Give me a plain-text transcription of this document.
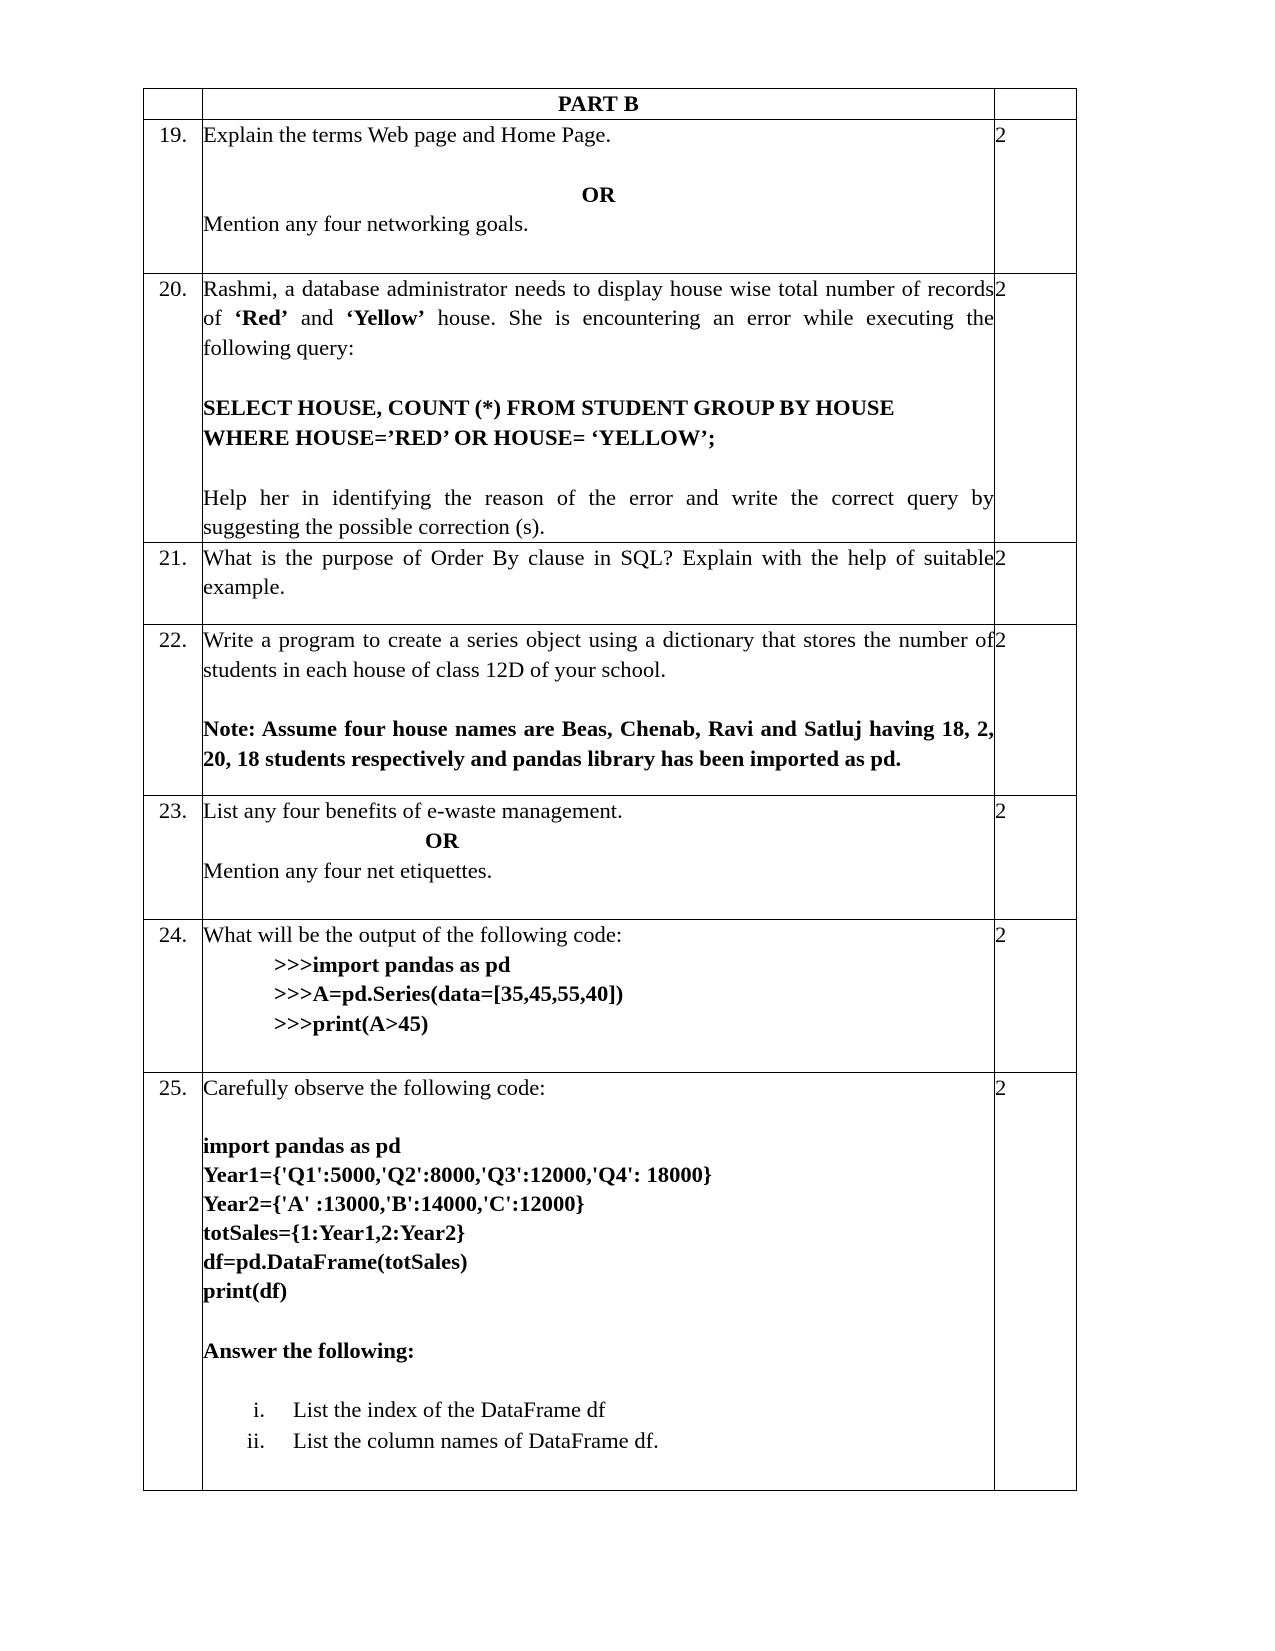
	PART B	
19.	Explain the terms Web page and Home Page.
OR
Mention any four networking goals.	2
20.	Rashmi, a database administrator needs to display house wise total number of records of ‘Red’ and ‘Yellow’ house. She is encountering an error while executing the following query:
SELECT HOUSE, COUNT (*) FROM STUDENT GROUP BY HOUSE
WHERE HOUSE=’RED’ OR HOUSE= ‘YELLOW’;
Help her in identifying the reason of the error and write the correct query by suggesting the possible correction (s).	2
21.	What is the purpose of Order By clause in SQL? Explain with the help of suitable example.	2
22.	Write a program to create a series object using a dictionary that stores the number of students in each house of class 12D of your school.
Note: Assume four house names are Beas, Chenab, Ravi and Satluj having 18, 2, 20, 18 students respectively and pandas library has been imported as pd.	2
23.	List any four benefits of e-waste management.
OR
Mention any four net etiquettes.	2
24.	What will be the output of the following code:
>>>import pandas as pd
>>>A=pd.Series(data=[35,45,55,40])
>>>print(A>45)	2
25.	Carefully observe the following code:
import pandas as pd
Year1={'Q1':5000,'Q2':8000,'Q3':12000,'Q4': 18000}
Year2={'A' :13000,'B':14000,'C':12000}
totSales={1:Year1,2:Year2}
df=pd.DataFrame(totSales)
print(df)
Answer the following:
i.	List the index of the DataFrame df
ii.	List the column names of DataFrame df.
	2
